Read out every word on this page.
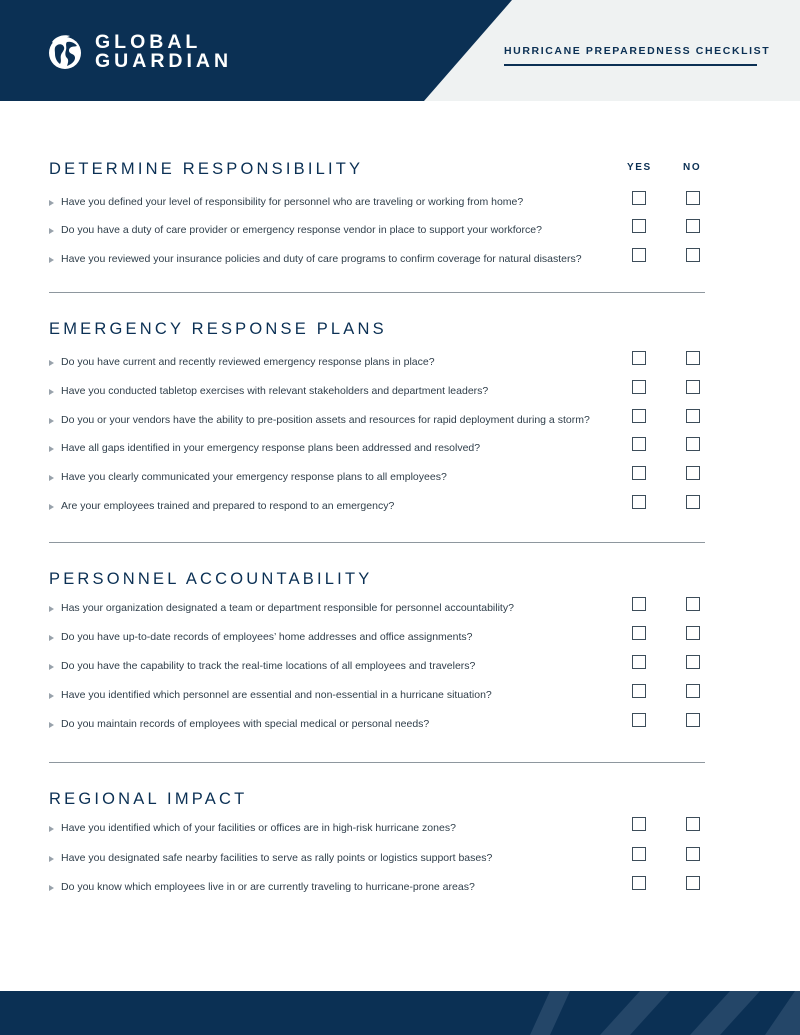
GLOBAL
GUARDIAN	HURRICANE PREPAREDNESS CHECKLIST
YES	NO
DETERMINE RESPONSIBILITY
Have you defined your level of responsibility for personnel who are traveling or working from home?
Do you have a duty of care provider or emergency response vendor in place to support your workforce?
Have you reviewed your insurance policies and duty of care programs to confirm coverage for natural disasters?
EMERGENCY RESPONSE PLANS
Do you have current and recently reviewed emergency response plans in place?
Have you conducted tabletop exercises with relevant stakeholders and department leaders?
Do you or your vendors have the ability to pre-position assets and resources for rapid deployment during a storm?
Have all gaps identified in your emergency response plans been addressed and resolved?
Have you clearly communicated your emergency response plans to all employees?
Are your employees trained and prepared to respond to an emergency?
PERSONNEL ACCOUNTABILITY
Has your organization designated a team or department responsible for personnel accountability?
Do you have up-to-date records of employees’ home addresses and office assignments?
Do you have the capability to track the real-time locations of all employees and travelers?
Have you identified which personnel are essential and non-essential in a hurricane situation?
Do you maintain records of employees with special medical or personal needs?
REGIONAL IMPACT
Have you identified which of your facilities or offices are in high-risk hurricane zones?
Have you designated safe nearby facilities to serve as rally points or logistics support bases?
Do you know which employees live in or are currently traveling to hurricane-prone areas?
